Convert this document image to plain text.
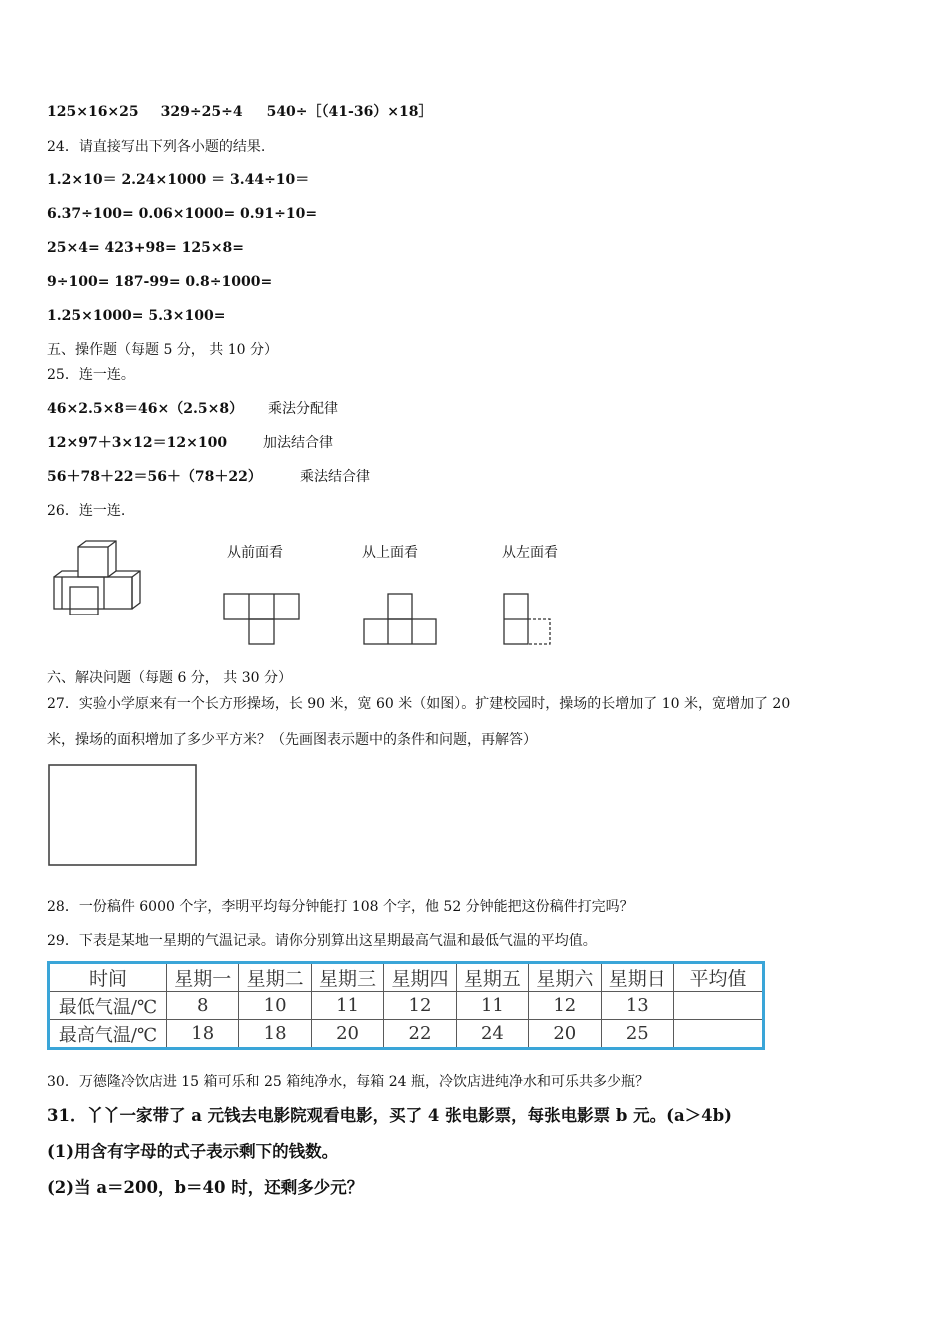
125×16×25 329÷25÷4 540÷［（41-36）×18］
24．请直接写出下列各小题的结果.
1.2×10＝ 2.24×1000 ＝ 3.44÷10＝
6.37÷100= 0.06×1000= 0.91÷10=
25×4= 423+98= 125×8=
9÷100= 187-99= 0.8÷1000=
1.25×1000= 5.3×100=
五、操作题（每题 5 分， 共 10 分）
25．连一连。
46×2.5×8＝46×（2.5×8） 乘法分配律
12×97＋3×12＝12×100	加法结合律
56＋78＋22＝56＋（78＋22）	乘法结合律
26．连一连.
从前面看	从上面看	从左面看
六、解决问题（每题 6 分， 共 30 分）
27．实验小学原来有一个长方形操场，长 90 米，宽 60 米（如图）。扩建校园时，操场的长增加了 10 米，宽增加了 20
米，操场的面积增加了多少平方米？（先画图表示题中的条件和问题，再解答）
28．一份稿件 6000 个字，李明平均每分钟能打 108 个字，他 52 分钟能把这份稿件打完吗？
29．下表是某地一星期的气温记录。请你分别算出这星期最高气温和最低气温的平均值。
时间	星期一	星期二	星期三	星期四	星期五	星期六	星期日	平均值
最低气温/℃	8	10	11	12	11	12	13	
最高气温/℃	18	18	20	22	24	20	25	
30．万德隆冷饮店进 15 箱可乐和 25 箱纯净水，每箱 24 瓶，冷饮店进纯净水和可乐共多少瓶？
31．丫丫一家带了 a 元钱去电影院观看电影，买了 4 张电影票，每张电影票 b 元。(a＞4b)
(1)用含有字母的式子表示剩下的钱数。
(2)当 a＝200，b＝40 时，还剩多少元？
